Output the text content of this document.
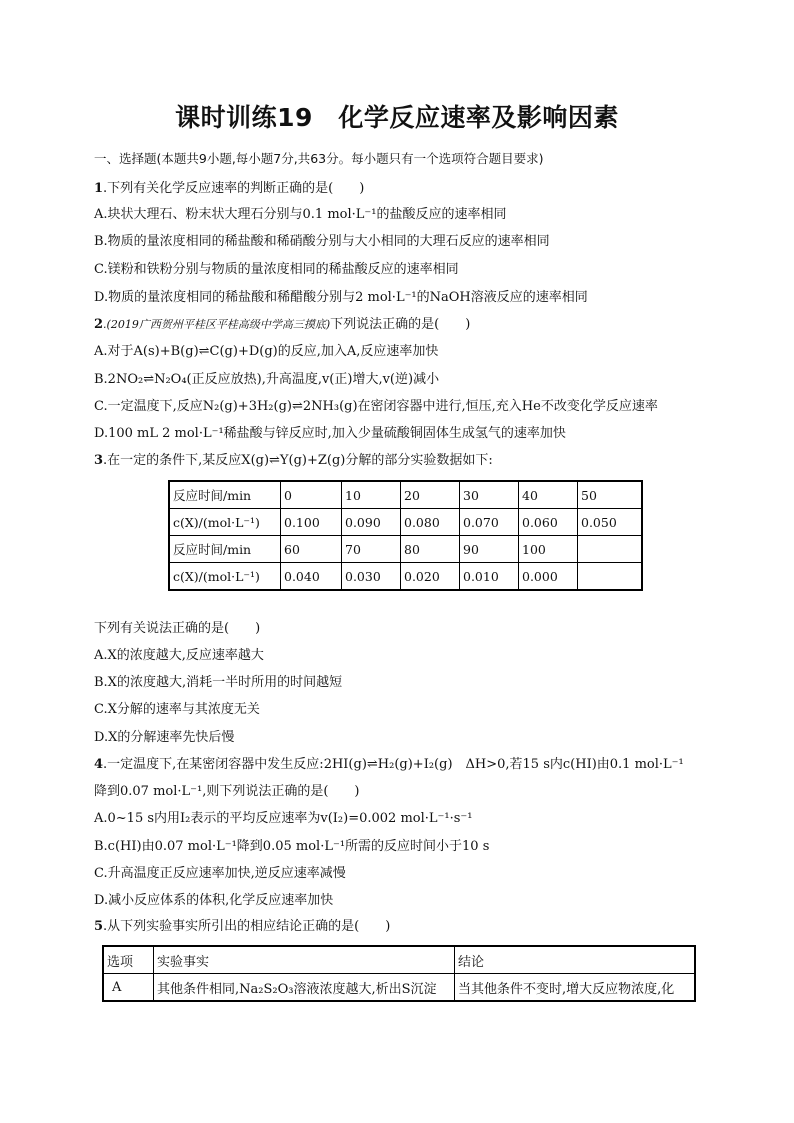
课时训练19　化学反应速率及影响因素
一、选择题(本题共9小题,每小题7分,共63分。每小题只有一个选项符合题目要求)
1.下列有关化学反应速率的判断正确的是(　　)
A.块状大理石、粉末状大理石分别与0.1 mol·L⁻¹的盐酸反应的速率相同
B.物质的量浓度相同的稀盐酸和稀硝酸分别与大小相同的大理石反应的速率相同
C.镁粉和铁粉分别与物质的量浓度相同的稀盐酸反应的速率相同
D.物质的量浓度相同的稀盐酸和稀醋酸分别与2 mol·L⁻¹的NaOH溶液反应的速率相同
2.(2019广西贺州平桂区平桂高级中学高三摸底)下列说法正确的是(　　)
A.对于A(s)+B(g)⇌C(g)+D(g)的反应,加入A,反应速率加快
B.2NO₂⇌N₂O₄(正反应放热),升高温度,v(正)增大,v(逆)减小
C.一定温度下,反应N₂(g)+3H₂(g)⇌2NH₃(g)在密闭容器中进行,恒压,充入He不改变化学反应速率
D.100 mL 2 mol·L⁻¹稀盐酸与锌反应时,加入少量硫酸铜固体生成氢气的速率加快
3.在一定的条件下,某反应X(g)⇌Y(g)+Z(g)分解的部分实验数据如下:
反应时间/min	0	10	20	30	40	50
c(X)/(mol·L⁻¹)	0.100	0.090	0.080	0.070	0.060	0.050
反应时间/min	60	70	80	90	100	
c(X)/(mol·L⁻¹)	0.040	0.030	0.020	0.010	0.000	
下列有关说法正确的是(　　)
A.X的浓度越大,反应速率越大
B.X的浓度越大,消耗一半时所用的时间越短
C.X分解的速率与其浓度无关
D.X的分解速率先快后慢
4.一定温度下,在某密闭容器中发生反应:2HI(g)⇌H₂(g)+I₂(g)　ΔH>0,若15 s内c(HI)由0.1 mol·L⁻¹
降到0.07 mol·L⁻¹,则下列说法正确的是(　　)
A.0~15 s内用I₂表示的平均反应速率为v(I₂)=0.002 mol·L⁻¹·s⁻¹
B.c(HI)由0.07 mol·L⁻¹降到0.05 mol·L⁻¹所需的反应时间小于10 s
C.升高温度正反应速率加快,逆反应速率减慢
D.减小反应体系的体积,化学反应速率加快
5.从下列实验事实所引出的相应结论正确的是(　　)
选项	实验事实	结论
A	其他条件相同,Na₂S₂O₃溶液浓度越大,析出S沉淀	当其他条件不变时,增大反应物浓度,化
